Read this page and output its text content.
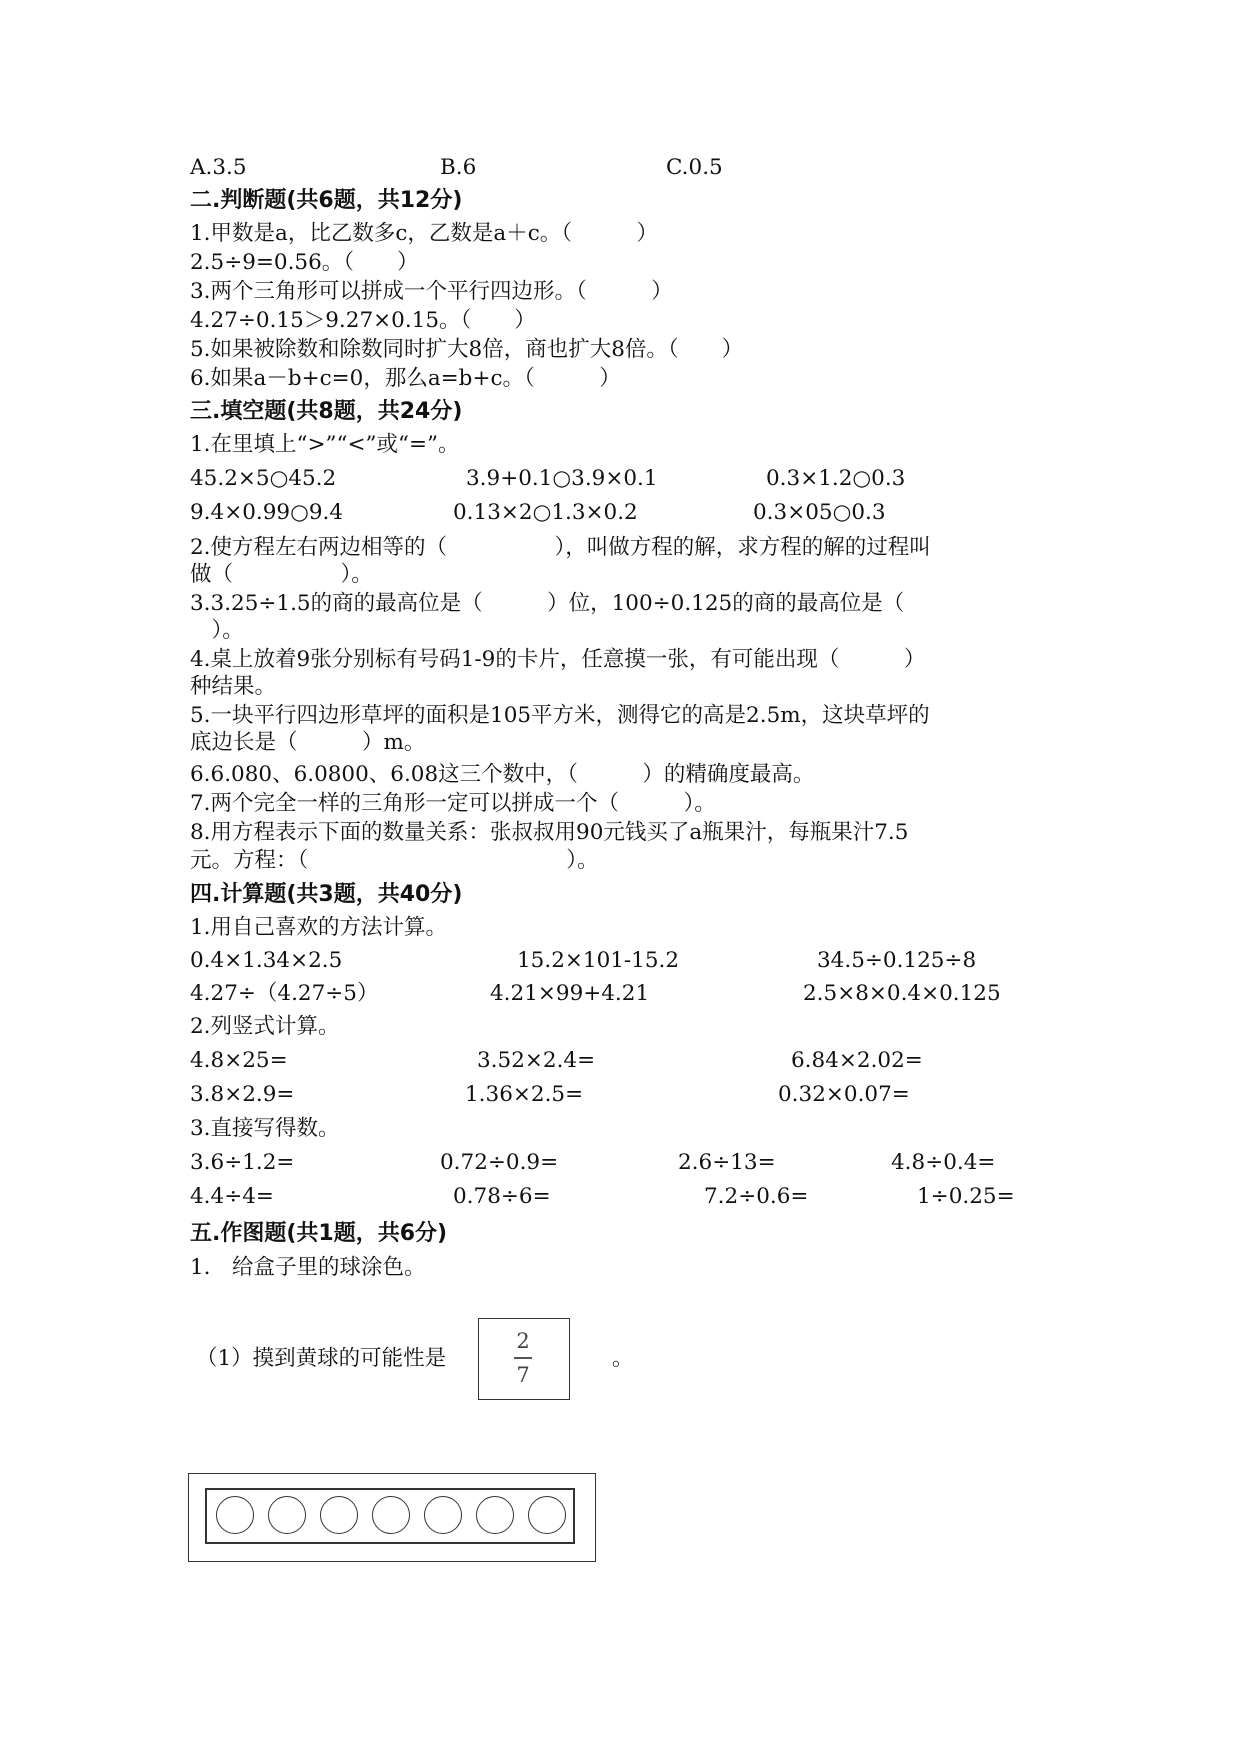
A.3.5	B.6	C.0.5
二.判断题(共6题，共12分)
1.甲数是a，比乙数多c，乙数是a＋c。（　　　）
2.5÷9=0.56。（　　）
3.两个三角形可以拼成一个平行四边形。（　　　）
4.27÷0.15＞9.27×0.15。（　　）
5.如果被除数和除数同时扩大8倍，商也扩大8倍。（　　）
6.如果a－b+c=0，那么a=b+c。（　　　）
三.填空题(共8题，共24分)
1.在里填上“>”“<”或“=”。
45.2×5○45.2	3.9+0.1○3.9×0.1	0.3×1.2○0.3
9.4×0.99○9.4	0.13×2○1.3×0.2	0.3×05○0.3
2.使方程左右两边相等的（　　　　　），叫做方程的解，求方程的解的过程叫
做（　　　　　）。
3.3.25÷1.5的商的最高位是（　　　）位，100÷0.125的商的最高位是（
　）。
4.桌上放着9张分别标有号码1-9的卡片，任意摸一张，有可能出现（　　　）
种结果。
5.一块平行四边形草坪的面积是105平方米，测得它的高是2.5m，这块草坪的
底边长是（　　　）m。
6.6.080、6.0800、6.08这三个数中，（　　　）的精确度最高。
7.两个完全一样的三角形一定可以拼成一个（　　　）。
8.用方程表示下面的数量关系：张叔叔用90元钱买了a瓶果汁，每瓶果汁7.5
元。方程：（　　　　　　　　　　　　）。
四.计算题(共3题，共40分)
1.用自己喜欢的方法计算。
0.4×1.34×2.5	15.2×101-15.2	34.5÷0.125÷8
4.27÷（4.27÷5）	4.21×99+4.21	2.5×8×0.4×0.125
2.列竖式计算。
4.8×25=	3.52×2.4=	6.84×2.02=
3.8×2.9=	1.36×2.5=	0.32×0.07=
3.直接写得数。
3.6÷1.2=	0.72÷0.9=	2.6÷13=	4.8÷0.4=
4.4÷4=	0.78÷6=	7.2÷0.6=	1÷0.25=
五.作图题(共1题，共6分)
1.　给盒子里的球涂色。
（1）摸到黄球的可能性是
2
7
。
